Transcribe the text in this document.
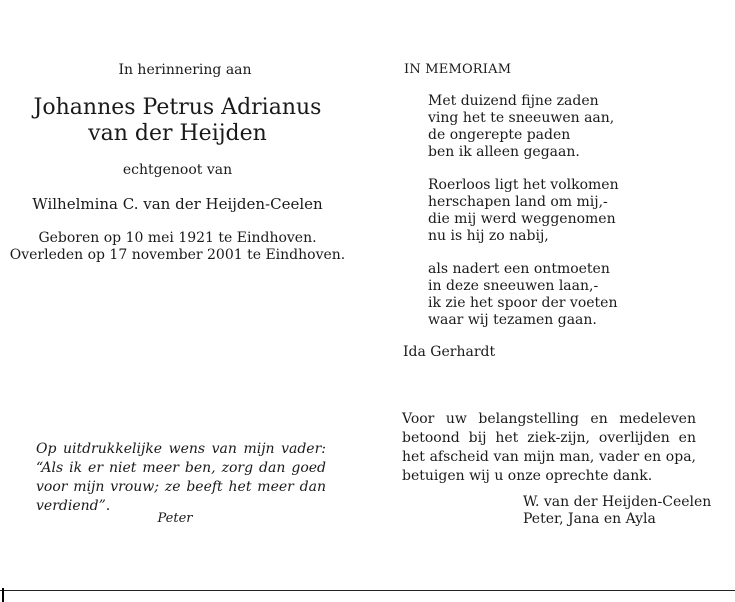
In herinnering aan
Johannes Petrus Adrianus
van der Heijden
echtgenoot van
Wilhelmina C. van der Heijden-Ceelen
Geboren op 10 mei 1921 te Eindhoven.
Overleden op 17 november 2001 te Eindhoven.
Op uitdrukkelijke wens van mijn vader: “Als ik er niet meer ben, zorg dan goed voor mijn vrouw; ze beeft het meer dan verdiend”.
Peter
IN MEMORIAM
Met duizend fijne zaden
ving het te sneeuwen aan,
de ongerepte paden
ben ik alleen gegaan.
Roerloos ligt het volkomen
herschapen land om mij,-
die mij werd weggenomen
nu is hij zo nabij,
als nadert een ontmoeten
in deze sneeuwen laan,-
ik zie het spoor der voeten
waar wij tezamen gaan.
Ida Gerhardt
Voor uw belangstelling en medeleven betoond bij het ziek-zijn, overlijden en het afscheid van mijn man, vader en opa, betuigen wij u onze oprechte dank.
W. van der Heijden-Ceelen
Peter, Jana en Ayla
